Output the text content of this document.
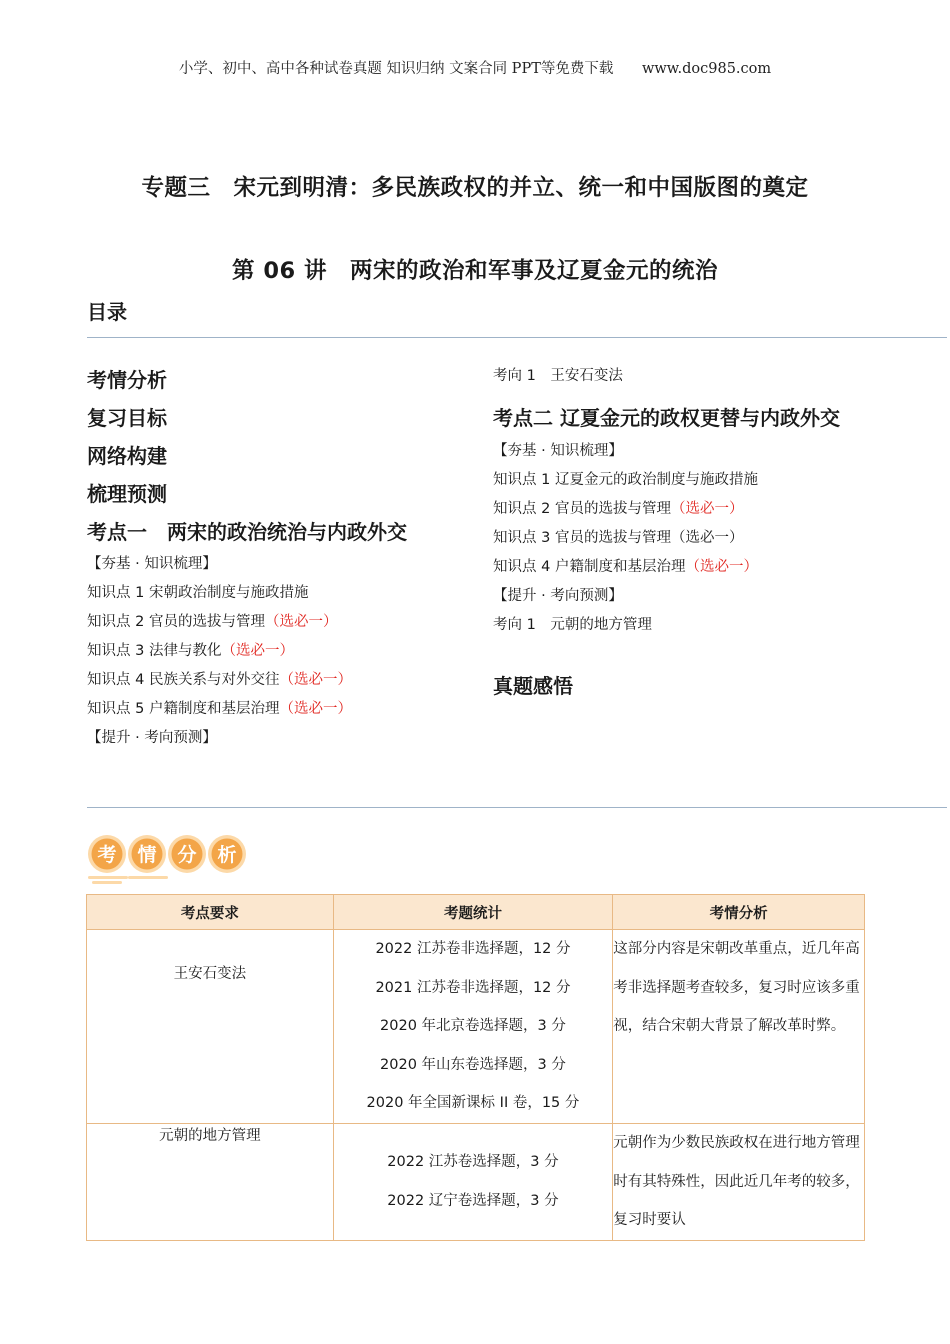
小学、初中、高中各种试卷真题 知识归纳 文案合同 PPT等免费下载 www.doc985.com
专题三　宋元到明清：多民族政权的并立、统一和中国版图的奠定
第 06 讲　两宋的政治和军事及辽夏金元的统治
目录
考情分析
复习目标
网络构建
梳理预测
考点一　两宋的政治统治与内政外交
【夯基 · 知识梳理】
知识点 1 宋朝政治制度与施政措施
知识点 2 官员的选拔与管理（选必一）
知识点 3 法律与教化（选必一）
知识点 4 民族关系与对外交往（选必一）
知识点 5 户籍制度和基层治理（选必一）
【提升 · 考向预测】
考向 1　王安石变法
考点二 辽夏金元的政权更替与内政外交
【夯基 · 知识梳理】
知识点 1 辽夏金元的政治制度与施政措施
知识点 2 官员的选拔与管理（选必一）
知识点 3 官员的选拔与管理（选必一）
知识点 4 户籍制度和基层治理（选必一）
【提升 · 考向预测】
考向 1　元朝的地方管理
真题感悟
考 情 分 析
考点要求	考题统计	考情分析
王安石变法	2022 江苏卷非选择题，12 分
2021 江苏卷非选择题，12 分
2020 年北京卷选择题，3 分
2020 年山东卷选择题，3 分
2020 年全国新课标 II 卷，15 分	这部分内容是宋朝改革重点，近几年高考非选择题考查较多，复习时应该多重视，结合宋朝大背景了解改革时弊。
元朝的地方管理	2022 江苏卷选择题，3 分
2022 辽宁卷选择题，3 分	元朝作为少数民族政权在进行地方管理时有其特殊性，因此近几年考的较多，复习时要认
